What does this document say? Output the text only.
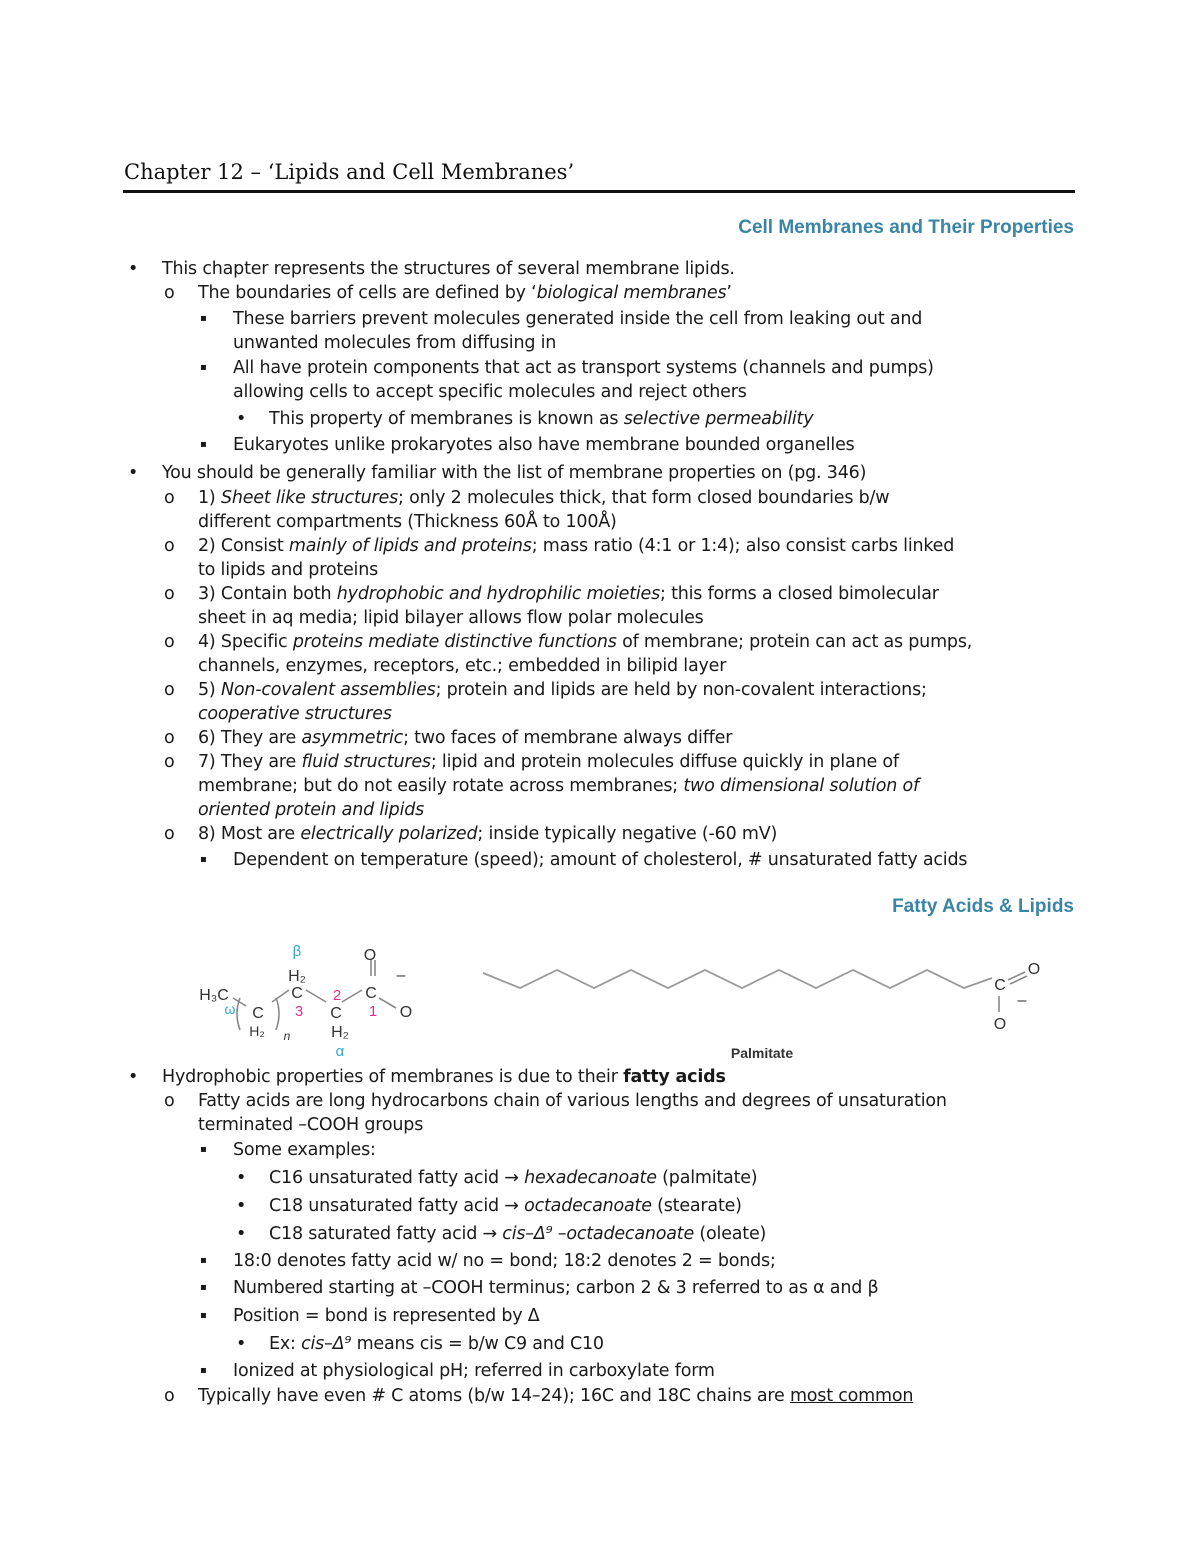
Chapter 12 – ‘Lipids and Cell Membranes’
Cell Membranes and Their Properties
• This chapter represents the structures of several membrane lipids.
o The boundaries of cells are defined by ‘biological membranes’
▪ These barriers prevent molecules generated inside the cell from leaking out and
unwanted molecules from diffusing in
▪ All have protein components that act as transport systems (channels and pumps)
allowing cells to accept specific molecules and reject others
• This property of membranes is known as selective permeability
▪ Eukaryotes unlike prokaryotes also have membrane bounded organelles
• You should be generally familiar with the list of membrane properties on (pg. 346)
o 1) Sheet like structures; only 2 molecules thick, that form closed boundaries b/w
different compartments (Thickness 60Å to 100Å)
o 2) Consist mainly of lipids and proteins; mass ratio (4:1 or 1:4); also consist carbs linked
to lipids and proteins
o 3) Contain both hydrophobic and hydrophilic moieties; this forms a closed bimolecular
sheet in aq media; lipid bilayer allows flow polar molecules
o 4) Specific proteins mediate distinctive functions of membrane; protein can act as pumps,
channels, enzymes, receptors, etc.; embedded in bilipid layer
o 5) Non-covalent assemblies; protein and lipids are held by non-covalent interactions;
cooperative structures
o 6) They are asymmetric; two faces of membrane always differ
o 7) They are fluid structures; lipid and protein molecules diffuse quickly in plane of
membrane; but do not easily rotate across membranes; two dimensional solution of
oriented protein and lipids
o 8) Most are electrically polarized; inside typically negative (-60 mV)
▪ Dependent on temperature (speed); amount of cholesterol, # unsaturated fatty acids
Fatty Acids & Lipids
β	O
–
H₂
H₃C	C 2 C
ω	3	1 O
C	C
H₂ n	H₂
α
C
O
–
O
Palmitate
• Hydrophobic properties of membranes is due to their fatty acids
o Fatty acids are long hydrocarbons chain of various lengths and degrees of unsaturation
terminated –COOH groups
▪ Some examples:
• C16 unsaturated fatty acid → hexadecanoate (palmitate)
• C18 unsaturated fatty acid → octadecanoate (stearate)
• C18 saturated fatty acid → cis–Δ⁹ –octadecanoate (oleate)
▪ 18:0 denotes fatty acid w/ no = bond; 18:2 denotes 2 = bonds;
▪ Numbered starting at –COOH terminus; carbon 2 & 3 referred to as α and β
▪ Position = bond is represented by Δ
• Ex: cis–Δ⁹ means cis = b/w C9 and C10
▪ Ionized at physiological pH; referred in carboxylate form
o Typically have even # C atoms (b/w 14–24); 16C and 18C chains are most common
